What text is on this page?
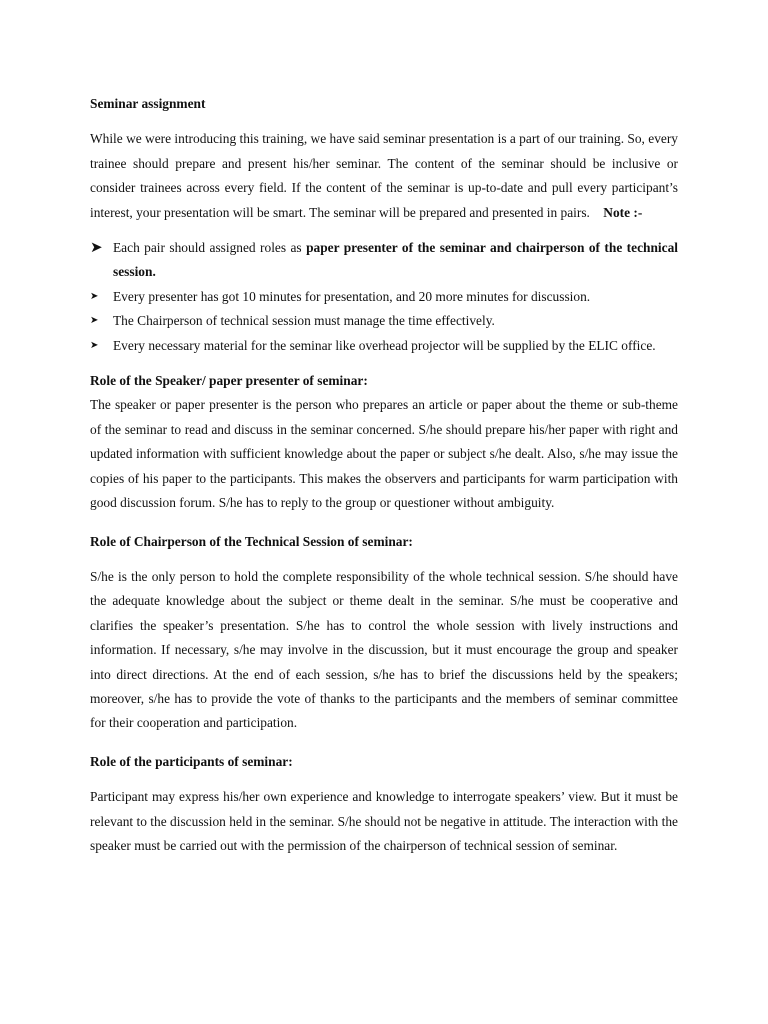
Seminar assignment

While we were introducing this training, we have said seminar presentation is a part of our training. So, every trainee should prepare and present his/her seminar. The content of the seminar should be inclusive or consider trainees across every field. If the content of the seminar is up-to-date and pull every participant’s interest, your presentation will be smart. The seminar will be prepared and presented in pairs. Note :-

➤ Each pair should assigned roles as paper presenter of the seminar and chairperson of the technical session.
➤	Every presenter has got 10 minutes for presentation, and 20 more minutes for discussion.
➤	The Chairperson of technical session must manage the time effectively.
➤	Every necessary material for the seminar like overhead projector will be supplied by the ELIC office.
Role of the Speaker/ paper presenter of seminar:

The speaker or paper presenter is the person who prepares an article or paper about the theme or sub-theme of the seminar to read and discuss in the seminar concerned. S/he should prepare his/her paper with right and updated information with sufficient knowledge about the paper or subject s/he dealt. Also, s/he may issue the copies of his paper to the participants. This makes the observers and participants for warm participation with good discussion forum. S/he has to reply to the group or questioner without ambiguity.

Role of Chairperson of the Technical Session of seminar:

S/he is the only person to hold the complete responsibility of the whole technical session. S/he should have the adequate knowledge about the subject or theme dealt in the seminar. S/he must be cooperative and clarifies the speaker’s presentation. S/he has to control the whole session with lively instructions and information. If necessary, s/he may involve in the discussion, but it must encourage the group and speaker into direct directions. At the end of each session, s/he has to brief the discussions held by the speakers; moreover, s/he has to provide the vote of thanks to the participants and the members of seminar committee for their cooperation and participation.

Role of the participants of seminar:

Participant may express his/her own experience and knowledge to interrogate speakers’ view. But it must be relevant to the discussion held in the seminar. S/he should not be negative in attitude. The interaction with the speaker must be carried out with the permission of the chairperson of technical session of seminar.
